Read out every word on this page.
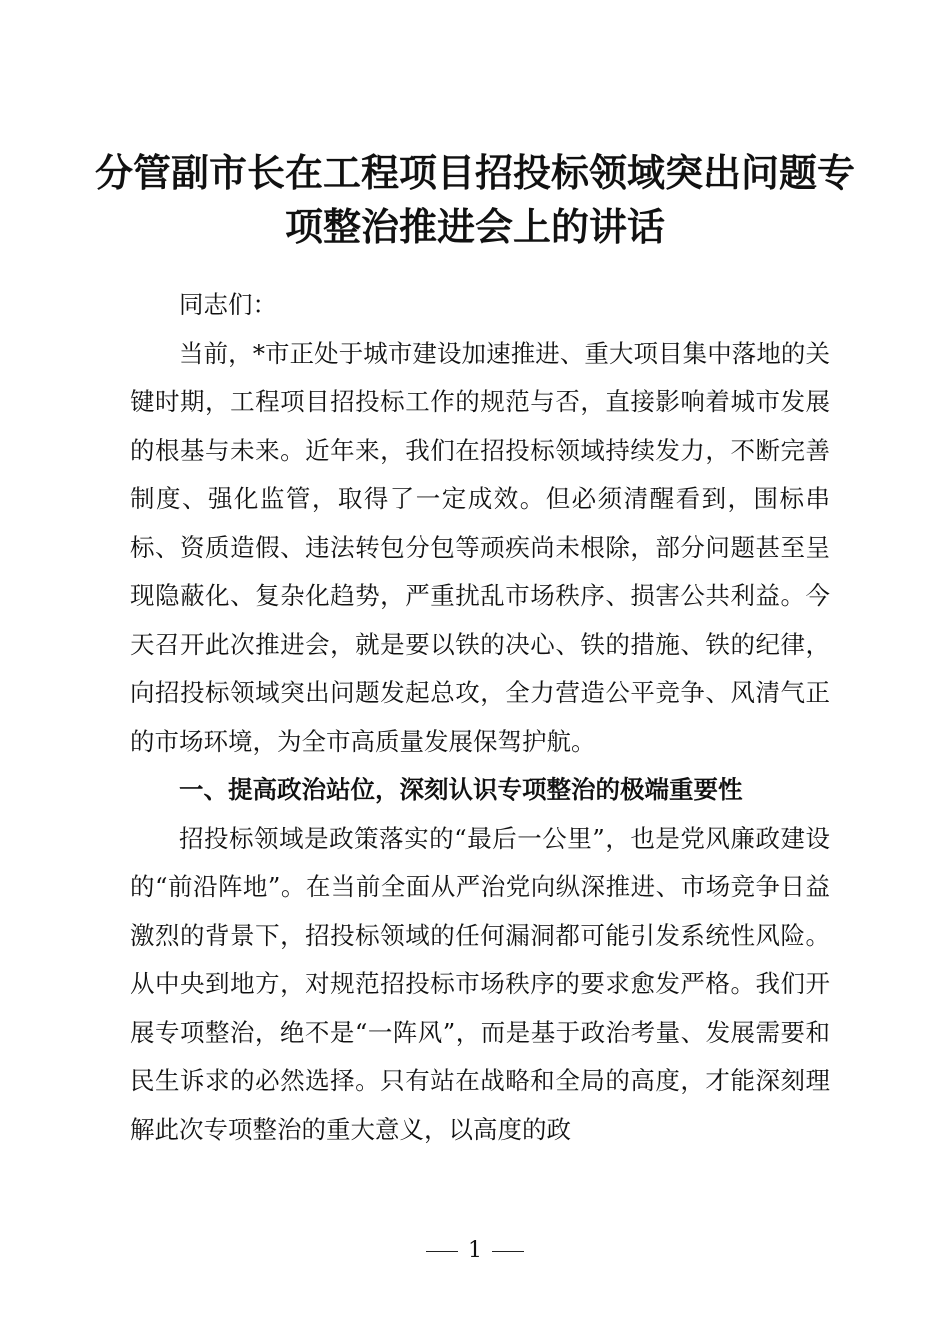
分管副市长在工程项目招投标领域突出问题专
项整治推进会上的讲话

同志们：

当前，*市正处于城市建设加速推进、重大项目集中落地的关键时期，工程项目招投标工作的规范与否，直接影响着城市发展的根基与未来。近年来，我们在招投标领域持续发力，不断完善制度、强化监管，取得了一定成效。但必须清醒看到，围标串标、资质造假、违法转包分包等顽疾尚未根除，部分问题甚至呈现隐蔽化、复杂化趋势，严重扰乱市场秩序、损害公共利益。今天召开此次推进会，就是要以铁的决心、铁的措施、铁的纪律，向招投标领域突出问题发起总攻，全力营造公平竞争、风清气正的市场环境，为全市高质量发展保驾护航。

一、提高政治站位，深刻认识专项整治的极端重要性

招投标领域是政策落实的“最后一公里”，也是党风廉政建设的“前沿阵地”。在当前全面从严治党向纵深推进、市场竞争日益激烈的背景下，招投标领域的任何漏洞都可能引发系统性风险。从中央到地方，对规范招投标市场秩序的要求愈发严格。我们开展专项整治，绝不是“一阵风”，而是基于政治考量、发展需要和民生诉求的必然选择。只有站在战略和全局的高度，才能深刻理解此次专项整治的重大意义，以高度的政

1
